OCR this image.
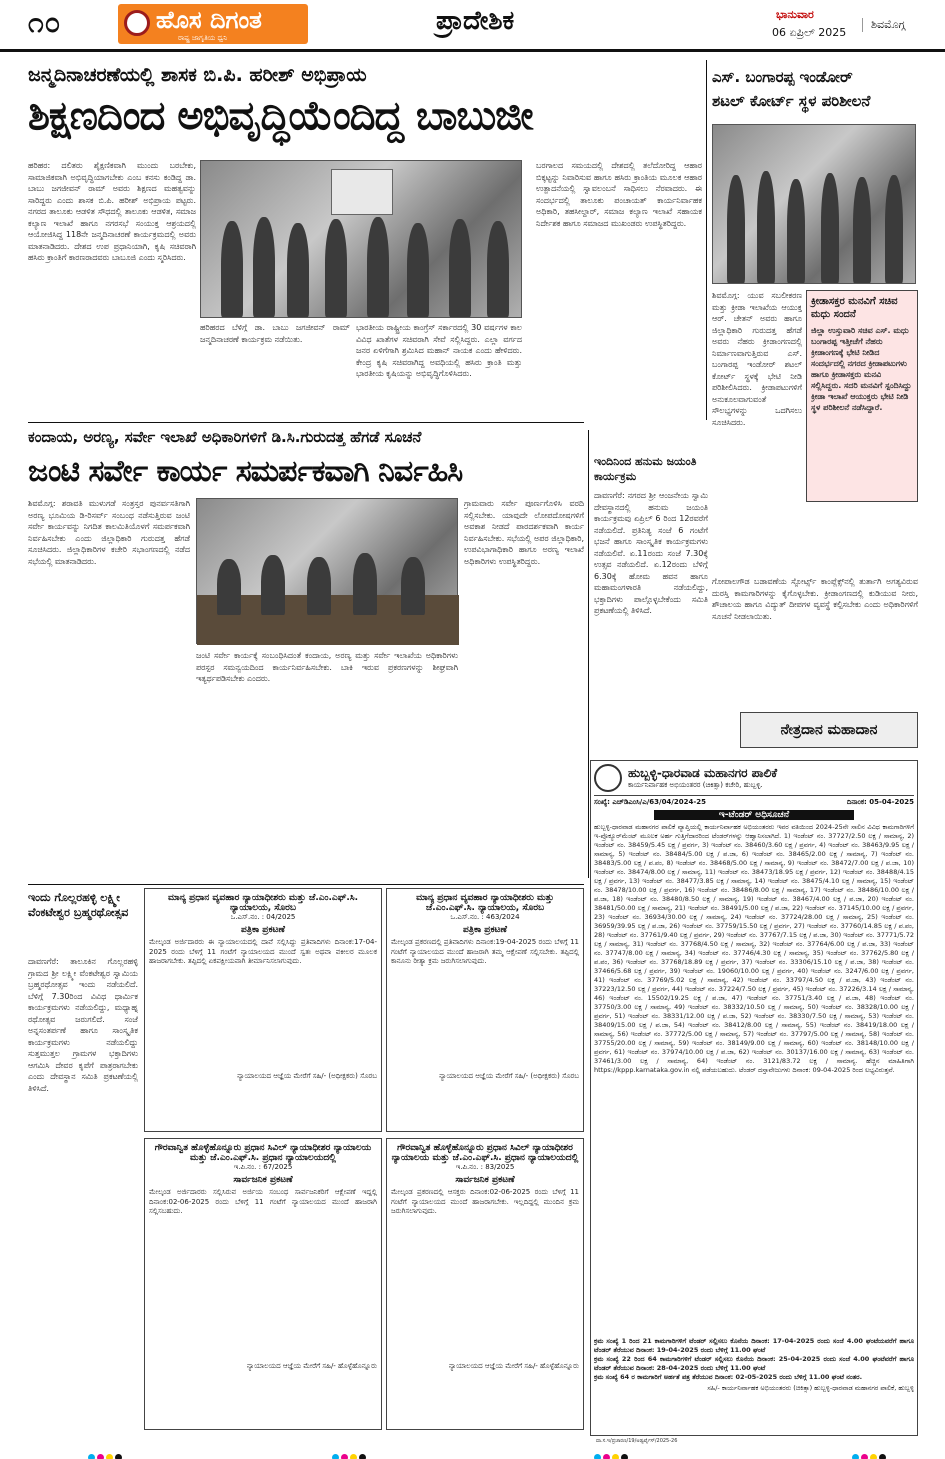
೧೦	ಹೊಸ ದಿಗಂತ
ರಾಷ್ಟ್ರ ಜಾಗೃತಿಯ ಧ್ವನಿ
ಪ್ರಾದೇಶಿಕ	ಭಾನುವಾರ
06 ಏಪ್ರಿಲ್ 2025
ಶಿವಮೊಗ್ಗ
ಜನ್ಮದಿನಾಚರಣೆಯಲ್ಲಿ ಶಾಸಕ ಬಿ.ಪಿ. ಹರೀಶ್ ಅಭಿಪ್ರಾಯ
ಶಿಕ್ಷಣದಿಂದ ಅಭಿವೃದ್ಧಿಯೆಂದಿದ್ದ ಬಾಬುಜೀ
ಹರಿಹರ: ದಲಿತರು ಶೈಕ್ಷಣಿಕವಾಗಿ ಮುಂದು ಬರಬೇಕು, ಸಾಮಾಜಿಕವಾಗಿ ಅಭಿವೃದ್ಧಿಯಾಗಬೇಕು ಎಂಬ ಕನಸು ಕಂಡಿದ್ದ ಡಾ. ಬಾಬು ಜಗಜೀವನ್ ರಾಮ್ ಅವರು ಶಿಕ್ಷಣದ ಮಹತ್ವವನ್ನು ಸಾರಿದ್ದರು ಎಂದು ಶಾಸಕ ಬಿ.ಪಿ. ಹರೀಶ್ ಅಭಿಪ್ರಾಯ ಪಟ್ಟರು. ನಗರದ ತಾಲೂಕು ಆಡಳಿತ ಸೌಧದಲ್ಲಿ ತಾಲೂಕು ಆಡಳಿತ, ಸಮಾಜ ಕಲ್ಯಾಣ ಇಲಾಖೆ ಹಾಗೂ ನಗರಸಭೆ ಸಂಯುಕ್ತ ಆಶ್ರಯದಲ್ಲಿ ಆಯೋಜಿಸಿದ್ದ 118ನೇ ಜನ್ಮದಿನಾಚರಣೆ ಕಾರ್ಯಕ್ರಮದಲ್ಲಿ ಅವರು ಮಾತನಾಡಿದರು. ದೇಶದ ಉಪ ಪ್ರಧಾನಿಯಾಗಿ, ಕೃಷಿ ಸಚಿವರಾಗಿ ಹಸಿರು ಕ್ರಾಂತಿಗೆ ಕಾರಣರಾದವರು ಬಾಬೂಜಿ ಎಂದು ಸ್ಮರಿಸಿದರು.
ಹರಿಹರದ ಬೆಳಿಗ್ಗೆ ಡಾ. ಬಾಬು ಜಗಜೀವನ್ ರಾಮ್ ಜನ್ಮದಿನಾಚರಣೆ ಕಾರ್ಯಕ್ರಮ ನಡೆಯಿತು.
ಭಾರತೀಯ ರಾಷ್ಟ್ರೀಯ ಕಾಂಗ್ರೆಸ್ ಸರ್ಕಾರದಲ್ಲಿ 30 ವರ್ಷಗಳ ಕಾಲ ವಿವಿಧ ಖಾತೆಗಳ ಸಚಿವರಾಗಿ ಸೇವೆ ಸಲ್ಲಿಸಿದ್ದರು. ಎಲ್ಲಾ ವರ್ಗದ ಜನರ ಏಳಿಗೆಗಾಗಿ ಶ್ರಮಿಸಿದ ಮಹಾನ್ ನಾಯಕ ಎಂದು ಹೇಳಿದರು. ಕೇಂದ್ರ ಕೃಷಿ ಸಚಿವರಾಗಿದ್ದ ಅವಧಿಯಲ್ಲಿ ಹಸಿರು ಕ್ರಾಂತಿ ಮತ್ತು ಭಾರತೀಯ ಕೃಷಿಯನ್ನು ಅಭಿವೃದ್ಧಿಗೊಳಿಸಿದರು.
ಬರಗಾಲದ ಸಮಯದಲ್ಲಿ ದೇಶದಲ್ಲಿ ತಲೆದೋರಿದ್ದ ಆಹಾರ ಬಿಕ್ಕಟ್ಟನ್ನು ನಿವಾರಿಸುವ ಹಾಗೂ ಹಸಿರು ಕ್ರಾಂತಿಯ ಮೂಲಕ ಆಹಾರ ಉತ್ಪಾದನೆಯಲ್ಲಿ ಸ್ವಾವಲಂಬನೆ ಸಾಧಿಸಲು ನೆರವಾದರು. ಈ ಸಂದರ್ಭದಲ್ಲಿ ತಾಲೂಕು ಪಂಚಾಯತ್ ಕಾರ್ಯನಿರ್ವಾಹಕ ಅಧಿಕಾರಿ, ತಹಸೀಲ್ದಾರ್, ಸಮಾಜ ಕಲ್ಯಾಣ ಇಲಾಖೆ ಸಹಾಯಕ ನಿರ್ದೇಶಕ ಹಾಗೂ ಸಮಾಜದ ಮುಖಂಡರು ಉಪಸ್ಥಿತರಿದ್ದರು.
ಎಸ್. ಬಂಗಾರಪ್ಪ ಇಂಡೋರ್
ಶಟಲ್ ಕೋರ್ಟ್ ಸ್ಥಳ ಪರಿಶೀಲನೆ
ಶಿವಮೊಗ್ಗ: ಯುವ ಸಬಲೀಕರಣ ಮತ್ತು ಕ್ರೀಡಾ ಇಲಾಖೆಯ ಆಯುಕ್ತ ಆರ್. ಚೇತನ್ ಅವರು ಹಾಗೂ ಜಿಲ್ಲಾಧಿಕಾರಿ ಗುರುದತ್ತ ಹೆಗಡೆ ಅವರು ನೆಹರು ಕ್ರೀಡಾಂಗಣದಲ್ಲಿ ನಿರ್ಮಾಣವಾಗುತ್ತಿರುವ ಎಸ್. ಬಂಗಾರಪ್ಪ ಇಂಡೋರ್ ಶಟಲ್ ಕೋರ್ಟ್ ಸ್ಥಳಕ್ಕೆ ಭೇಟಿ ನೀಡಿ ಪರಿಶೀಲಿಸಿದರು. ಕ್ರೀಡಾಪಟುಗಳಿಗೆ ಅನುಕೂಲವಾಗುವಂತೆ ಸೌಲಭ್ಯಗಳನ್ನು ಒದಗಿಸಲು ಸೂಚಿಸಿದರು.
ಕ್ರೀಡಾಸಕ್ತರ ಮನವಿಗೆ ಸಚಿವ ಮಧು ಸಂದನೆ
ಜಿಲ್ಲಾ ಉಸ್ತುವಾರಿ ಸಚಿವ ಎಸ್. ಮಧು ಬಂಗಾರಪ್ಪ ಇತ್ತೀಚೆಗೆ ನೆಹರು ಕ್ರೀಡಾಂಗಣಕ್ಕೆ ಭೇಟಿ ನೀಡಿದ ಸಂದರ್ಭದಲ್ಲಿ ನಗರದ ಕ್ರೀಡಾಪಟುಗಳು ಹಾಗೂ ಕ್ರೀಡಾಸಕ್ತರು ಮನವಿ ಸಲ್ಲಿಸಿದ್ದರು. ಸದರಿ ಮನವಿಗೆ ಸ್ಪಂದಿಸಿದ್ದು ಕ್ರೀಡಾ ಇಲಾಖೆ ಆಯುಕ್ತರು ಭೇಟಿ ನೀಡಿ ಸ್ಥಳ ಪರಿಶೀಲನೆ ನಡೆಸಿದ್ದಾರೆ.
ಕಂದಾಯ, ಅರಣ್ಯ, ಸರ್ವೇ ಇಲಾಖೆ ಅಧಿಕಾರಿಗಳಿಗೆ ಡಿ.ಸಿ.ಗುರುದತ್ತ ಹೆಗಡೆ ಸೂಚನೆ
ಜಂಟಿ ಸರ್ವೇ ಕಾರ್ಯ ಸಮರ್ಪಕವಾಗಿ ನಿರ್ವಹಿಸಿ
ಶಿವಮೊಗ್ಗ: ಶರಾವತಿ ಮುಳುಗಡೆ ಸಂತ್ರಸ್ತರ ಪುನರ್ವಸತಿಗಾಗಿ ಅರಣ್ಯ ಭೂಮಿಯ ಡಿ-ರಿಸರ್ವ್ ಸಂಬಂಧ ನಡೆಸುತ್ತಿರುವ ಜಂಟಿ ಸರ್ವೇ ಕಾರ್ಯವನ್ನು ನಿಗದಿತ ಕಾಲಮಿತಿಯೊಳಗೆ ಸಮರ್ಪಕವಾಗಿ ನಿರ್ವಹಿಸಬೇಕು ಎಂದು ಜಿಲ್ಲಾಧಿಕಾರಿ ಗುರುದತ್ತ ಹೆಗಡೆ ಸೂಚಿಸಿದರು. ಜಿಲ್ಲಾಧಿಕಾರಿಗಳ ಕಚೇರಿ ಸಭಾಂಗಣದಲ್ಲಿ ನಡೆದ ಸಭೆಯಲ್ಲಿ ಮಾತನಾಡಿದರು.
ಜಂಟಿ ಸರ್ವೇ ಕಾರ್ಯಕ್ಕೆ ಸಂಬಂಧಿಸಿದಂತೆ ಕಂದಾಯ, ಅರಣ್ಯ ಮತ್ತು ಸರ್ವೇ ಇಲಾಖೆಯ ಅಧಿಕಾರಿಗಳು ಪರಸ್ಪರ ಸಮನ್ವಯದಿಂದ ಕಾರ್ಯನಿರ್ವಹಿಸಬೇಕು. ಬಾಕಿ ಇರುವ ಪ್ರಕರಣಗಳನ್ನು ಶೀಘ್ರವಾಗಿ ಇತ್ಯರ್ಥಪಡಿಸಬೇಕು ಎಂದರು.
ಗ್ರಾಮವಾರು ಸರ್ವೇ ಪೂರ್ಣಗೊಳಿಸಿ ವರದಿ ಸಲ್ಲಿಸಬೇಕು. ಯಾವುದೇ ಲೋಪದೋಷಗಳಿಗೆ ಅವಕಾಶ ನೀಡದೆ ಪಾರದರ್ಶಕವಾಗಿ ಕಾರ್ಯ ನಿರ್ವಹಿಸಬೇಕು. ಸಭೆಯಲ್ಲಿ ಅಪರ ಜಿಲ್ಲಾಧಿಕಾರಿ, ಉಪವಿಭಾಗಾಧಿಕಾರಿ ಹಾಗೂ ಅರಣ್ಯ ಇಲಾಖೆ ಅಧಿಕಾರಿಗಳು ಉಪಸ್ಥಿತರಿದ್ದರು.
ಇಂದಿನಿಂದ ಹನುಮ ಜಯಂತಿ ಕಾರ್ಯಕ್ರಮ
ದಾವಣಗೆರೆ: ನಗರದ ಶ್ರೀ ಆಂಜನೇಯ ಸ್ವಾಮಿ ದೇವಸ್ಥಾನದಲ್ಲಿ ಹನುಮ ಜಯಂತಿ ಕಾರ್ಯಕ್ರಮವು ಏಪ್ರಿಲ್ 6 ರಿಂದ 12ರವರೆಗೆ ನಡೆಯಲಿದೆ. ಪ್ರತಿನಿತ್ಯ ಸಂಜೆ 6 ಗಂಟೆಗೆ ಭಜನೆ ಹಾಗೂ ಸಾಂಸ್ಕೃತಿಕ ಕಾರ್ಯಕ್ರಮಗಳು ನಡೆಯಲಿವೆ. ಏ.11ರಂದು ಸಂಜೆ 7.30ಕ್ಕೆ ಉತ್ಸವ ನಡೆಯಲಿದೆ. ಏ.12ರಂದು ಬೆಳಿಗ್ಗೆ 6.30ಕ್ಕೆ ಹೋಮ ಹವನ ಹಾಗೂ ಮಹಾಮಂಗಳಾರತಿ ನಡೆಯಲಿದ್ದು, ಭಕ್ತಾದಿಗಳು ಪಾಲ್ಗೊಳ್ಳಬೇಕೆಂದು ಸಮಿತಿ ಪ್ರಕಟಣೆಯಲ್ಲಿ ತಿಳಿಸಿದೆ.
ಗೋಪಾಲಗೌಡ ಬಡಾವಣೆಯ ಸ್ಪೋರ್ಟ್ಸ್ ಕಾಂಪ್ಲೆಕ್ಸ್‌ನಲ್ಲಿ ತುರ್ತಾಗಿ ಅಗತ್ಯವಿರುವ ದುರಸ್ತಿ ಕಾಮಗಾರಿಗಳನ್ನು ಕೈಗೊಳ್ಳಬೇಕು. ಕ್ರೀಡಾಂಗಣದಲ್ಲಿ ಕುಡಿಯುವ ನೀರು, ಶೌಚಾಲಯ ಹಾಗೂ ವಿದ್ಯುತ್ ದೀಪಗಳ ವ್ಯವಸ್ಥೆ ಕಲ್ಪಿಸಬೇಕು ಎಂದು ಅಧಿಕಾರಿಗಳಿಗೆ ಸೂಚನೆ ನೀಡಲಾಯಿತು.
ನೇತ್ರದಾನ ಮಹಾದಾನ
ಹುಬ್ಬಳ್ಳಿ-ಧಾರವಾಡ ಮಹಾನಗರ ಪಾಲಿಕೆ
ಕಾರ್ಯನಿರ್ವಾಹಕ ಅಭಿಯಂತರರ (ಚಿಕಿತ್ಸಾ) ಕಚೇರಿ, ಹುಬ್ಬಳ್ಳಿ.
ಸಂಖ್ಯೆ: ಎಚ್‌ಡಿಎಂಸಿ/ಎ/63/04/2024-25	ದಿನಾಂಕ: 05-04-2025
ಇ-ಟೆಂಡರ್ ಅಧಿಸೂಚನೆ
ಹುಬ್ಬಳ್ಳಿ-ಧಾರವಾಡ ಮಹಾನಗರ ಪಾಲಿಕೆ ವ್ಯಾಪ್ತಿಯಲ್ಲಿ ಕಾರ್ಯನಿರ್ವಾಹಕ ಅಭಿಯಂತರರು ಇವರ ವತಿಯಿಂದ 2024-25ನೇ ಸಾಲಿನ ವಿವಿಧ ಕಾಮಗಾರಿಗಳಿಗೆ ಇ-ಪ್ರೊಕ್ಯೂರ್‌ಮೆಂಟ್ ಮೂಲಕ ಅರ್ಹ ಗುತ್ತಿಗೆದಾರರಿಂದ ಟೆಂಡರ್‌ಗಳನ್ನು ಆಹ್ವಾನಿಸಲಾಗಿದೆ. 1) ಇಂಡೆಂಟ್ ನಂ. 37727/2.50 ಲಕ್ಷ / ಸಾಮಾನ್ಯ, 2) ಇಂಡೆಂಟ್ ನಂ. 38459/5.45 ಲಕ್ಷ / ಪ್ರವರ್ಗ, 3) ಇಂಡೆಂಟ್ ನಂ. 38460/3.60 ಲಕ್ಷ / ಪ್ರವರ್ಗ, 4) ಇಂಡೆಂಟ್ ನಂ. 38463/9.95 ಲಕ್ಷ / ಸಾಮಾನ್ಯ, 5) ಇಂಡೆಂಟ್ ನಂ. 38484/5.00 ಲಕ್ಷ / ಪ.ಜಾ, 6) ಇಂಡೆಂಟ್ ನಂ. 38465/2.00 ಲಕ್ಷ / ಸಾಮಾನ್ಯ, 7) ಇಂಡೆಂಟ್ ನಂ. 38483/5.00 ಲಕ್ಷ / ಪ.ಪಂ, 8) ಇಂಡೆಂಟ್ ನಂ. 38468/5.00 ಲಕ್ಷ / ಸಾಮಾನ್ಯ, 9) ಇಂಡೆಂಟ್ ನಂ. 38472/7.00 ಲಕ್ಷ / ಪ.ಜಾ, 10) ಇಂಡೆಂಟ್ ನಂ. 38474/8.00 ಲಕ್ಷ / ಸಾಮಾನ್ಯ, 11) ಇಂಡೆಂಟ್ ನಂ. 38473/18.95 ಲಕ್ಷ / ಪ್ರವರ್ಗ, 12) ಇಂಡೆಂಟ್ ನಂ. 38488/4.15 ಲಕ್ಷ / ಪ್ರವರ್ಗ, 13) ಇಂಡೆಂಟ್ ನಂ. 38477/3.85 ಲಕ್ಷ / ಸಾಮಾನ್ಯ, 14) ಇಂಡೆಂಟ್ ನಂ. 38475/4.10 ಲಕ್ಷ / ಸಾಮಾನ್ಯ, 15) ಇಂಡೆಂಟ್ ನಂ. 38478/10.00 ಲಕ್ಷ / ಪ್ರವರ್ಗ, 16) ಇಂಡೆಂಟ್ ನಂ. 38486/8.00 ಲಕ್ಷ / ಸಾಮಾನ್ಯ, 17) ಇಂಡೆಂಟ್ ನಂ. 38486/10.00 ಲಕ್ಷ / ಪ.ಜಾ, 18) ಇಂಡೆಂಟ್ ನಂ. 38480/8.50 ಲಕ್ಷ / ಸಾಮಾನ್ಯ, 19) ಇಂಡೆಂಟ್ ನಂ. 38467/4.00 ಲಕ್ಷ / ಪ.ಜಾ, 20) ಇಂಡೆಂಟ್ ನಂ. 38481/50.00 ಲಕ್ಷ / ಸಾಮಾನ್ಯ, 21) ಇಂಡೆಂಟ್ ನಂ. 38491/5.00 ಲಕ್ಷ / ಪ.ಜಾ, 22) ಇಂಡೆಂಟ್ ನಂ. 37145/10.00 ಲಕ್ಷ / ಪ್ರವರ್ಗ, 23) ಇಂಡೆಂಟ್ ನಂ. 36934/30.00 ಲಕ್ಷ / ಸಾಮಾನ್ಯ, 24) ಇಂಡೆಂಟ್ ನಂ. 37724/28.00 ಲಕ್ಷ / ಸಾಮಾನ್ಯ, 25) ಇಂಡೆಂಟ್ ನಂ. 36959/39.95 ಲಕ್ಷ / ಪ.ಜಾ, 26) ಇಂಡೆಂಟ್ ನಂ. 37759/15.50 ಲಕ್ಷ / ಪ್ರವರ್ಗ, 27) ಇಂಡೆಂಟ್ ನಂ. 37760/14.85 ಲಕ್ಷ / ಪ.ಪಂ, 28) ಇಂಡೆಂಟ್ ನಂ. 37761/9.40 ಲಕ್ಷ / ಪ್ರವರ್ಗ, 29) ಇಂಡೆಂಟ್ ನಂ. 37767/7.15 ಲಕ್ಷ / ಪ.ಜಾ, 30) ಇಂಡೆಂಟ್ ನಂ. 37771/5.72 ಲಕ್ಷ / ಸಾಮಾನ್ಯ, 31) ಇಂಡೆಂಟ್ ನಂ. 37768/4.50 ಲಕ್ಷ / ಸಾಮಾನ್ಯ, 32) ಇಂಡೆಂಟ್ ನಂ. 37764/6.00 ಲಕ್ಷ / ಪ.ಜಾ, 33) ಇಂಡೆಂಟ್ ನಂ. 37747/8.00 ಲಕ್ಷ / ಸಾಮಾನ್ಯ, 34) ಇಂಡೆಂಟ್ ನಂ. 37746/4.30 ಲಕ್ಷ / ಸಾಮಾನ್ಯ, 35) ಇಂಡೆಂಟ್ ನಂ. 37762/5.80 ಲಕ್ಷ / ಪ.ಪಂ, 36) ಇಂಡೆಂಟ್ ನಂ. 37768/18.89 ಲಕ್ಷ / ಪ್ರವರ್ಗ, 37) ಇಂಡೆಂಟ್ ನಂ. 33306/15.10 ಲಕ್ಷ / ಪ.ಜಾ, 38) ಇಂಡೆಂಟ್ ನಂ. 37466/5.68 ಲಕ್ಷ / ಪ್ರವರ್ಗ, 39) ಇಂಡೆಂಟ್ ನಂ. 19060/10.00 ಲಕ್ಷ / ಪ್ರವರ್ಗ, 40) ಇಂಡೆಂಟ್ ನಂ. 3247/6.00 ಲಕ್ಷ / ಪ್ರವರ್ಗ, 41) ಇಂಡೆಂಟ್ ನಂ. 37769/5.02 ಲಕ್ಷ / ಸಾಮಾನ್ಯ, 42) ಇಂಡೆಂಟ್ ನಂ. 33797/4.50 ಲಕ್ಷ / ಪ.ಜಾ, 43) ಇಂಡೆಂಟ್ ನಂ. 37223/12.50 ಲಕ್ಷ / ಪ್ರವರ್ಗ, 44) ಇಂಡೆಂಟ್ ನಂ. 37224/7.50 ಲಕ್ಷ / ಪ್ರವರ್ಗ, 45) ಇಂಡೆಂಟ್ ನಂ. 37226/3.14 ಲಕ್ಷ / ಸಾಮಾನ್ಯ, 46) ಇಂಡೆಂಟ್ ನಂ. 15502/19.25 ಲಕ್ಷ / ಪ.ಜಾ, 47) ಇಂಡೆಂಟ್ ನಂ. 37751/3.40 ಲಕ್ಷ / ಪ.ಜಾ, 48) ಇಂಡೆಂಟ್ ನಂ. 37750/3.00 ಲಕ್ಷ / ಸಾಮಾನ್ಯ, 49) ಇಂಡೆಂಟ್ ನಂ. 38332/10.50 ಲಕ್ಷ / ಸಾಮಾನ್ಯ, 50) ಇಂಡೆಂಟ್ ನಂ. 38328/10.00 ಲಕ್ಷ / ಪ್ರವರ್ಗ, 51) ಇಂಡೆಂಟ್ ನಂ. 38331/12.00 ಲಕ್ಷ / ಪ.ಜಾ, 52) ಇಂಡೆಂಟ್ ನಂ. 38330/7.50 ಲಕ್ಷ / ಸಾಮಾನ್ಯ, 53) ಇಂಡೆಂಟ್ ನಂ. 38409/15.00 ಲಕ್ಷ / ಪ.ಜಾ, 54) ಇಂಡೆಂಟ್ ನಂ. 38412/8.00 ಲಕ್ಷ / ಸಾಮಾನ್ಯ, 55) ಇಂಡೆಂಟ್ ನಂ. 38419/18.00 ಲಕ್ಷ / ಸಾಮಾನ್ಯ, 56) ಇಂಡೆಂಟ್ ನಂ. 37772/5.00 ಲಕ್ಷ / ಸಾಮಾನ್ಯ, 57) ಇಂಡೆಂಟ್ ನಂ. 37797/5.00 ಲಕ್ಷ / ಸಾಮಾನ್ಯ, 58) ಇಂಡೆಂಟ್ ನಂ. 37755/20.00 ಲಕ್ಷ / ಸಾಮಾನ್ಯ, 59) ಇಂಡೆಂಟ್ ನಂ. 38149/9.00 ಲಕ್ಷ / ಸಾಮಾನ್ಯ, 60) ಇಂಡೆಂಟ್ ನಂ. 38148/10.00 ಲಕ್ಷ / ಪ್ರವರ್ಗ, 61) ಇಂಡೆಂಟ್ ನಂ. 37974/10.00 ಲಕ್ಷ / ಪ.ಜಾ, 62) ಇಂಡೆಂಟ್ ನಂ. 30137/16.00 ಲಕ್ಷ / ಸಾಮಾನ್ಯ, 63) ಇಂಡೆಂಟ್ ನಂ. 37461/3.00 ಲಕ್ಷ / ಸಾಮಾನ್ಯ, 64) ಇಂಡೆಂಟ್ ನಂ. 3121/83.72 ಲಕ್ಷ / ಸಾಮಾನ್ಯ. ಹೆಚ್ಚಿನ ಮಾಹಿತಿಗಾಗಿ https://kppp.karnataka.gov.in ನಲ್ಲಿ ಪಡೆಯಬಹುದು. ಟೆಂಡರ್ ದಸ್ತಾವೇಜುಗಳು ದಿನಾಂಕ: 09-04-2025 ರಿಂದ ಲಭ್ಯವಿರುತ್ತವೆ.
ಕ್ರಮ ಸಂಖ್ಯೆ 1 ರಿಂದ 21 ಕಾಮಗಾರಿಗಳಿಗೆ ಟೆಂಡರ್ ಸಲ್ಲಿಸಲು ಕೊನೆಯ ದಿನಾಂಕ: 17-04-2025 ರಂದು ಸಂಜೆ 4.00 ಘಂಟೆಯವರೆಗೆ ಹಾಗೂ ಟೆಂಡರ್ ತೆರೆಯುವ ದಿನಾಂಕ: 19-04-2025 ರಂದು ಬೆಳಿಗ್ಗೆ 11.00 ಘಂಟೆ
ಕ್ರಮ ಸಂಖ್ಯೆ 22 ರಿಂದ 64 ಕಾಮಗಾರಿಗಳಿಗೆ ಟೆಂಡರ್ ಸಲ್ಲಿಸಲು ಕೊನೆಯ ದಿನಾಂಕ: 25-04-2025 ರಂದು ಸಂಜೆ 4.00 ಘಂಟೆವರೆಗೆ ಹಾಗೂ ಟೆಂಡರ್ ತೆರೆಯುವ ದಿನಾಂಕ: 28-04-2025 ರಂದು ಬೆಳಿಗ್ಗೆ 11.00 ಘಂಟೆ
ಕ್ರಮ ಸಂಖ್ಯೆ 64 ರ ಕಾಮಗಾರಿಗೆ ಅರ್ಹತೆ ಪತ್ರ ತೆರೆಯುವ ದಿನಾಂಕ: 02-05-2025 ರಂದು ಬೆಳಿಗ್ಗೆ 11.00 ಘಂಟೆ ನಂತರ.
ಸಹಿ/- ಕಾರ್ಯನಿರ್ವಾಹಕ ಅಭಿಯಂತರರು (ಚಿಕಿತ್ಸಾ) ಹುಬ್ಬಳ್ಳಿ-ಧಾರವಾಡ ಮಹಾನಗರ ಪಾಲಿಕೆ, ಹುಬ್ಬಳ್ಳಿ
ಇಂದು ಗೊಲ್ಲರಹಳ್ಳಿ ಲಕ್ಷ್ಮೀ ವೆಂಕಟೇಶ್ವರ ಬ್ರಹ್ಮರಥೋತ್ಸವ
ದಾವಣಗೆರೆ: ತಾಲೂಕಿನ ಗೊಲ್ಲರಹಳ್ಳಿ ಗ್ರಾಮದ ಶ್ರೀ ಲಕ್ಷ್ಮೀ ವೆಂಕಟೇಶ್ವರ ಸ್ವಾಮಿಯ ಬ್ರಹ್ಮರಥೋತ್ಸವ ಇಂದು ನಡೆಯಲಿದೆ. ಬೆಳಿಗ್ಗೆ 7.30ರಿಂದ ವಿವಿಧ ಧಾರ್ಮಿಕ ಕಾರ್ಯಕ್ರಮಗಳು ನಡೆಯಲಿದ್ದು, ಮಧ್ಯಾಹ್ನ ರಥೋತ್ಸವ ಜರುಗಲಿದೆ. ಸಂಜೆ ಅನ್ನಸಂತರ್ಪಣೆ ಹಾಗೂ ಸಾಂಸ್ಕೃತಿಕ ಕಾರ್ಯಕ್ರಮಗಳು ನಡೆಯಲಿದ್ದು ಸುತ್ತಮುತ್ತಲ ಗ್ರಾಮಗಳ ಭಕ್ತಾದಿಗಳು ಆಗಮಿಸಿ ದೇವರ ಕೃಪೆಗೆ ಪಾತ್ರರಾಗಬೇಕು ಎಂದು ದೇವಸ್ಥಾನ ಸಮಿತಿ ಪ್ರಕಟಣೆಯಲ್ಲಿ ತಿಳಿಸಿದೆ.
ಮಾನ್ಯ ಪ್ರಧಾನ ವ್ಯವಹಾರ ನ್ಯಾಯಾಧೀಶರು ಮತ್ತು ಜೆ.ಎಂ.ಎಫ್.ಸಿ. ನ್ಯಾಯಾಲಯ, ಸೊರಬ
ಒ.ಎಸ್.ನಂ. : 04/2025
ಪತ್ರಿಕಾ ಪ್ರಕಟಣೆ
ಮೇಲ್ಕಂಡ ಅರ್ಜಿದಾರರು ಈ ನ್ಯಾಯಾಲಯದಲ್ಲಿ ದಾವೆ ಸಲ್ಲಿಸಿದ್ದು ಪ್ರತಿವಾದಿಗಳು ದಿನಾಂಕ:17-04-2025 ರಂದು ಬೆಳಿಗ್ಗೆ 11 ಗಂಟೆಗೆ ನ್ಯಾಯಾಲಯದ ಮುಂದೆ ಸ್ವತಃ ಅಥವಾ ವಕೀಲರ ಮೂಲಕ ಹಾಜರಾಗಬೇಕು. ತಪ್ಪಿದಲ್ಲಿ ಏಕಪಕ್ಷೀಯವಾಗಿ ತೀರ್ಮಾನಿಸಲಾಗುವುದು.
ನ್ಯಾಯಾಲಯದ ಆಜ್ಞೆಯ ಮೇರೆಗೆ ಸಹಿ/- (ಅಧೀಕ್ಷಕರು) ಸೊರಬ
ಮಾನ್ಯ ಪ್ರಧಾನ ವ್ಯವಹಾರ ನ್ಯಾಯಾಧೀಶರು ಮತ್ತು ಜೆ.ಎಂ.ಎಫ್.ಸಿ. ನ್ಯಾಯಾಲಯ, ಸೊರಬ
ಒ.ಎಸ್.ನಂ. : 463/2024
ಪತ್ರಿಕಾ ಪ್ರಕಟಣೆ
ಮೇಲ್ಕಂಡ ಪ್ರಕರಣದಲ್ಲಿ ಪ್ರತಿವಾದಿಗಳು ದಿನಾಂಕ:19-04-2025 ರಂದು ಬೆಳಿಗ್ಗೆ 11 ಗಂಟೆಗೆ ನ್ಯಾಯಾಲಯದ ಮುಂದೆ ಹಾಜರಾಗಿ ತಮ್ಮ ಆಕ್ಷೇಪಣೆ ಸಲ್ಲಿಸಬೇಕು. ತಪ್ಪಿದಲ್ಲಿ ಕಾನೂನು ರೀತ್ಯಾ ಕ್ರಮ ಜರುಗಿಸಲಾಗುವುದು.
ನ್ಯಾಯಾಲಯದ ಆಜ್ಞೆಯ ಮೇರೆಗೆ ಸಹಿ/- (ಅಧೀಕ್ಷಕರು) ಸೊರಬ
ಗೌರವಾನ್ವಿತ ಹೊಳ್ಳೆಹೊನ್ನೂರು ಪ್ರಧಾನ ಸಿವಿಲ್ ನ್ಯಾಯಾಧೀಶರ ನ್ಯಾಯಾಲಯ ಮತ್ತು ಜೆ.ಎಂ.ಎಫ್.ಸಿ. ಪ್ರಧಾನ ನ್ಯಾಯಾಲಯದಲ್ಲಿ
ಇ.ಪಿ.ನಂ. : 67/2025
ಸಾರ್ವಜನಿಕ ಪ್ರಕಟಣೆ
ಮೇಲ್ಕಂಡ ಅರ್ಜಿದಾರರು ಸಲ್ಲಿಸಿರುವ ಅರ್ಜಿಯ ಸಂಬಂಧ ಸಾರ್ವಜನಿಕರಿಗೆ ಆಕ್ಷೇಪಣೆ ಇದ್ದಲ್ಲಿ ದಿನಾಂಕ:02-06-2025 ರಂದು ಬೆಳಿಗ್ಗೆ 11 ಗಂಟೆಗೆ ನ್ಯಾಯಾಲಯದ ಮುಂದೆ ಹಾಜರಾಗಿ ಸಲ್ಲಿಸಬಹುದು.
ನ್ಯಾಯಾಲಯದ ಆಜ್ಞೆಯ ಮೇರೆಗೆ ಸಹಿ/- ಹೊಳ್ಳೆಹೊನ್ನೂರು
ಗೌರವಾನ್ವಿತ ಹೊಳ್ಳೆಹೊನ್ನೂರು ಪ್ರಧಾನ ಸಿವಿಲ್ ನ್ಯಾಯಾಧೀಶರ ನ್ಯಾಯಾಲಯ ಮತ್ತು ಜೆ.ಎಂ.ಎಫ್.ಸಿ. ಪ್ರಧಾನ ನ್ಯಾಯಾಲಯದಲ್ಲಿ
ಇ.ಪಿ.ನಂ. : 83/2025
ಸಾರ್ವಜನಿಕ ಪ್ರಕಟಣೆ
ಮೇಲ್ಕಂಡ ಪ್ರಕರಣದಲ್ಲಿ ಆಸಕ್ತರು ದಿನಾಂಕ:02-06-2025 ರಂದು ಬೆಳಿಗ್ಗೆ 11 ಗಂಟೆಗೆ ನ್ಯಾಯಾಲಯದ ಮುಂದೆ ಹಾಜರಾಗಬೇಕು. ಇಲ್ಲದಿದ್ದಲ್ಲಿ ಮುಂದಿನ ಕ್ರಮ ಜರುಗಿಸಲಾಗುವುದು.
ನ್ಯಾಯಾಲಯದ ಆಜ್ಞೆಯ ಮೇರೆಗೆ ಸಹಿ/- ಹೊಳ್ಳೆಹೊನ್ನೂರು
ವಾ.ಸ.ಇ/ಪ್ರಚಾರಣ/19/ಅಡ್ವರ್ಟೈಸ್/2025-26
